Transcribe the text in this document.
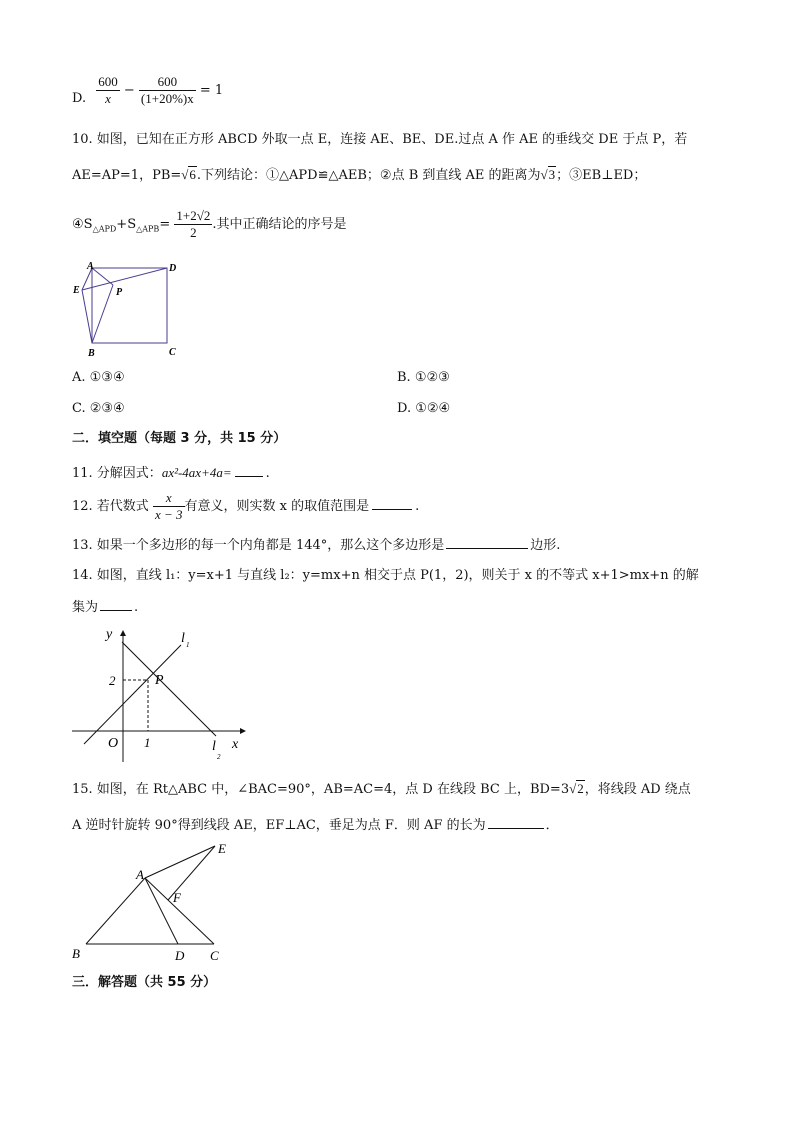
D. $\frac{600}{x} - \frac{600}{(1+20\%)x} = 1$
10. 如图，已知在正方形 ABCD 外取一点 E，连接 AE、BE、DE.过点 A 作 AE 的垂线交 DE 于点 P，若
AE=AP=1，PB=√6.下列结论：①△APD≌△AEB；②点 B 到直线 AE 的距离为√3；③EB⊥ED；
$④S_{\triangle APD}+S_{\triangle APB}= \frac{1+2√2}{2}$ .其中正确结论的序号是
A	D
E	P
B	C
A. ①③④	B. ①②③
C. ②③④	D. ①②④
二．填空题（每题 3 分，共 15 分）
11. 分解因式：ax²-4ax+4a=	.
12. 若代数式 $\frac{x}{x - 3}$ 有意义，则实数 x 的取值范围是	.
13. 如果一个多边形的每一个内角都是 144°，那么这个多边形是	边形.
14. 如图，直线 l₁：y=x+1 与直线 l₂：y=mx+n 相交于点 P(1，2)，则关于 x 的不等式 x+1>mx+n 的解
集为	.
y
x
O
2
1
P
l 1
l
2
15. 如图，在 Rt△ABC 中，∠BAC=90°，AB=AC=4，点 D 在线段 BC 上，BD=3√2，将线段 AD 绕点
A 逆时针旋转 90°得到线段 AE，EF⊥AC，垂足为点 F．则 AF 的长为	．
A
E
F
B	D C
三．解答题（共 55 分）
